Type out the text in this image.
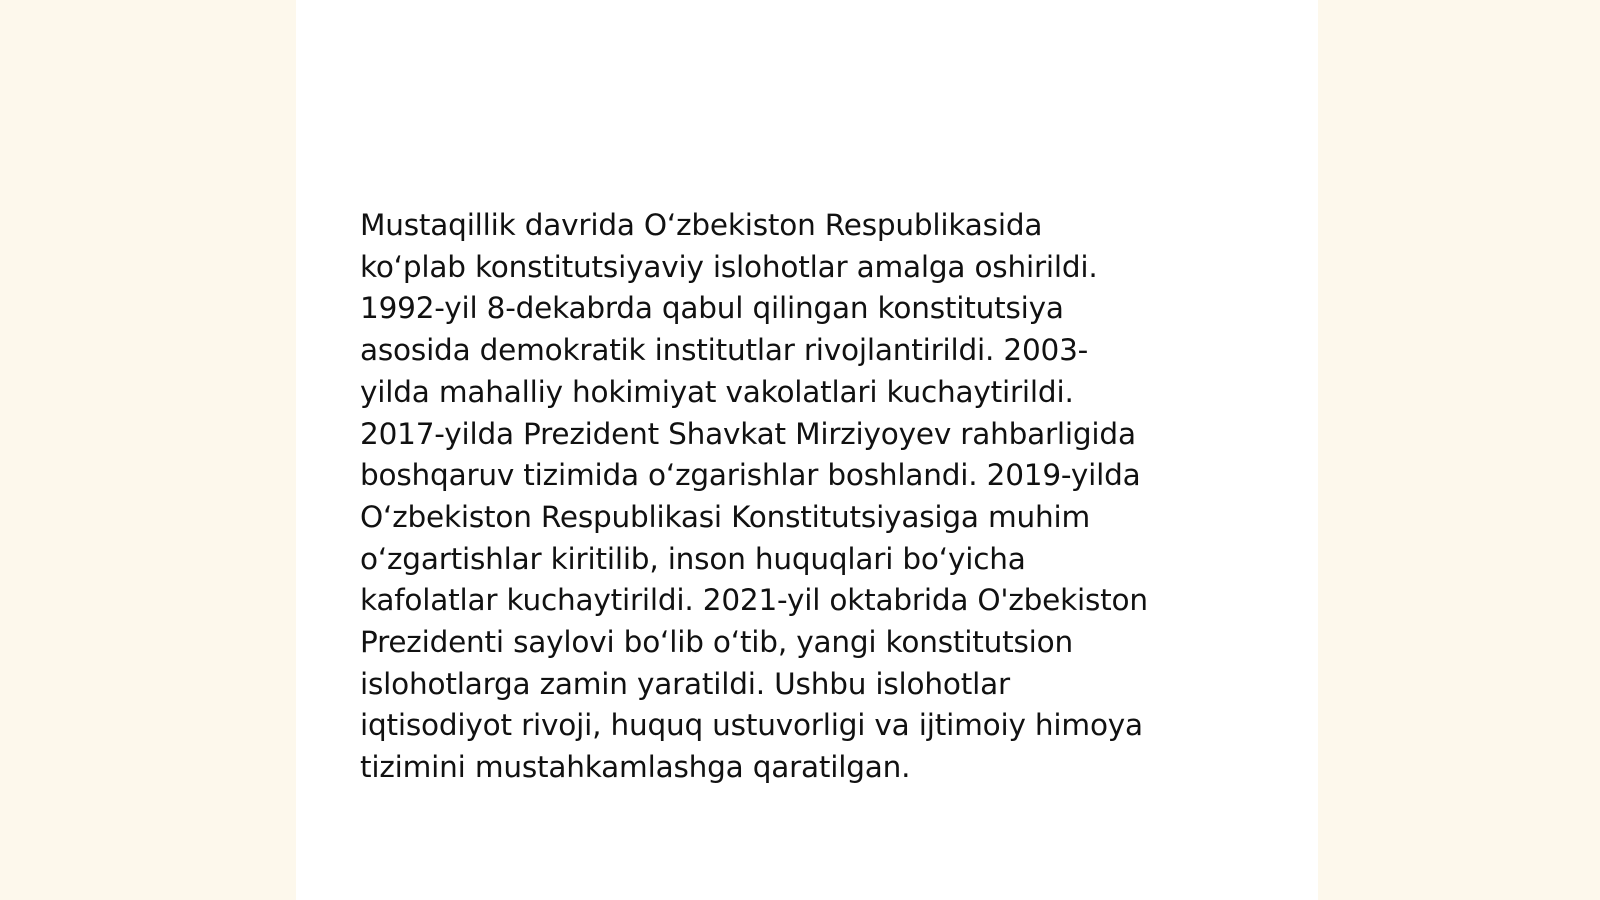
Mustaqillik davrida O‘zbekiston Respublikasida
ko‘plab konstitutsiyaviy islohotlar amalga oshirildi.
1992-yil 8-dekabrda qabul qilingan konstitutsiya
asosida demokratik institutlar rivojlantirildi. 2003-
yilda mahalliy hokimiyat vakolatlari kuchaytirildi.
2017-yilda Prezident Shavkat Mirziyoyev rahbarligida
boshqaruv tizimida o‘zgarishlar boshlandi. 2019-yilda
O‘zbekiston Respublikasi Konstitutsiyasiga muhim
o‘zgartishlar kiritilib, inson huquqlari bo‘yicha
kafolatlar kuchaytirildi. 2021-yil oktabrida O'zbekiston
Prezidenti saylovi bo‘lib o‘tib, yangi konstitutsion
islohotlarga zamin yaratildi. Ushbu islohotlar
iqtisodiyot rivoji, huquq ustuvorligi va ijtimoiy himoya
tizimini mustahkamlashga qaratilgan.
